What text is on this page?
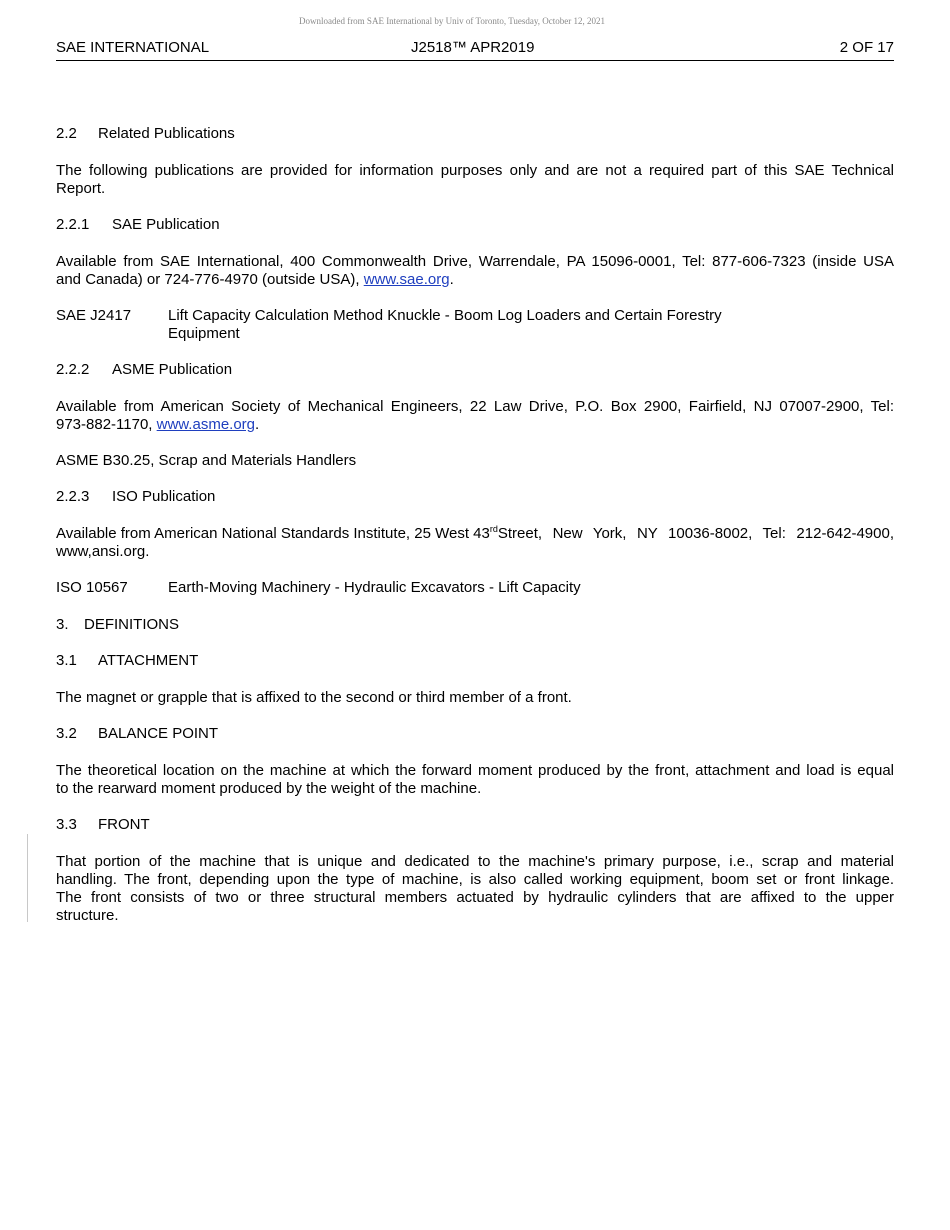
Downloaded from SAE International by Univ of Toronto, Tuesday, October 12, 2021
SAE INTERNATIONAL	J2518™ APR2019	2 OF 17
2.2 Related Publications
The following publications are provided for information purposes only and are not a required part of this SAE Technical
Report.
2.2.1 SAE Publication
Available from SAE International, 400 Commonwealth Drive, Warrendale, PA 15096-0001, Tel: 877-606-7323 (inside USA
and Canada) or 724-776-4970 (outside USA), www.sae.org.
SAE J2417 Lift Capacity Calculation Method Knuckle - Boom Log Loaders and Certain Forestry
Equipment
2.2.2 ASME Publication
Available from American Society of Mechanical Engineers, 22 Law Drive, P.O. Box 2900, Fairfield, NJ 07007-2900, Tel:
973-882-1170, www.asme.org.
ASME B30.25, Scrap and Materials Handlers
2.2.3 ISO Publication
Available from American National Standards Institute, 25 West 43rd Street, New York, NY 10036-8002, Tel: 212-642-4900,
www,ansi.org.
ISO 10567	Earth-Moving Machinery - Hydraulic Excavators - Lift Capacity
3. DEFINITIONS
3.1 ATTACHMENT
The magnet or grapple that is affixed to the second or third member of a front.
3.2 BALANCE POINT
The theoretical location on the machine at which the forward moment produced by the front, attachment and load is equal
to the rearward moment produced by the weight of the machine.
3.3 FRONT
That portion of the machine that is unique and dedicated to the machine's primary purpose, i.e., scrap and material
handling. The front, depending upon the type of machine, is also called working equipment, boom set or front linkage.
The front consists of two or three structural members actuated by hydraulic cylinders that are affixed to the upper
structure.
